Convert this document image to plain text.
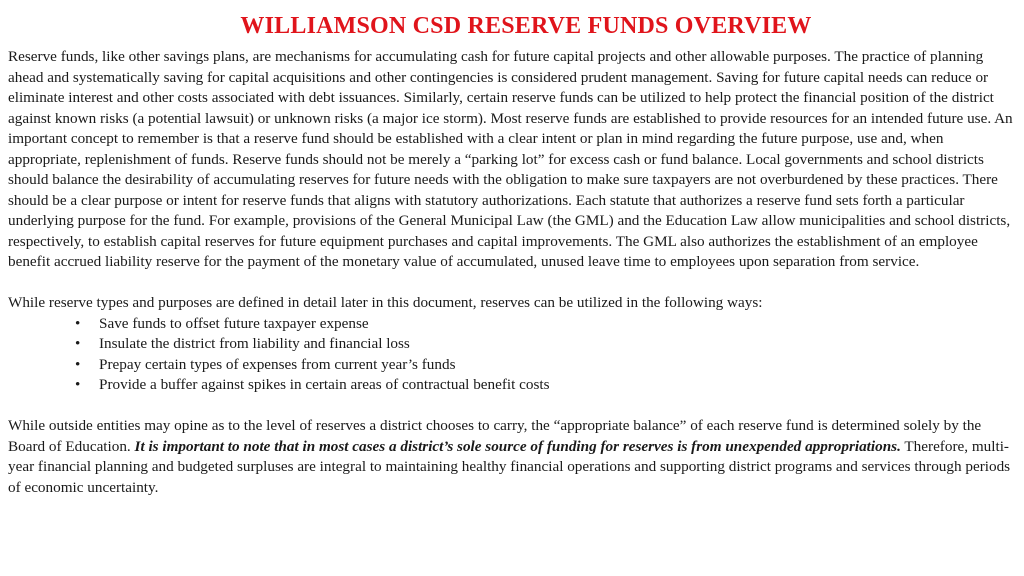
WILLIAMSON CSD RESERVE FUNDS OVERVIEW

Reserve funds, like other savings plans, are mechanisms for accumulating cash for future capital projects and other allowable purposes. The practice of planning ahead and systematically saving for capital acquisitions and other contingencies is considered prudent management. Saving for future capital needs can reduce or eliminate interest and other costs associated with debt issuances. Similarly, certain reserve funds can be utilized to help protect the financial position of the district against known risks (a potential lawsuit) or unknown risks (a major ice storm). Most reserve funds are established to provide resources for an intended future use. An important concept to remember is that a reserve fund should be established with a clear intent or plan in mind regarding the future purpose, use and, when appropriate, replenishment of funds. Reserve funds should not be merely a “parking lot” for excess cash or fund balance. Local governments and school districts should balance the desirability of accumulating reserves for future needs with the obligation to make sure taxpayers are not overburdened by these practices. There should be a clear purpose or intent for reserve funds that aligns with statutory authorizations. Each statute that authorizes a reserve fund sets forth a particular underlying purpose for the fund. For example, provisions of the General Municipal Law (the GML) and the Education Law allow municipalities and school districts, respectively, to establish capital reserves for future equipment purchases and capital improvements. The GML also authorizes the establishment of an employee benefit accrued liability reserve for the payment of the monetary value of accumulated, unused leave time to employees upon separation from service.

While reserve types and purposes are defined in detail later in this document, reserves can be utilized in the following ways:

• Save funds to offset future taxpayer expense
• Insulate the district from liability and financial loss
• Prepay certain types of expenses from current year’s funds
• Provide a buffer against spikes in certain areas of contractual benefit costs

While outside entities may opine as to the level of reserves a district chooses to carry, the “appropriate balance” of each reserve fund is determined solely by the Board of Education. It is important to note that in most cases a district’s sole source of funding for reserves is from unexpended appropriations. Therefore, multi-year financial planning and budgeted surpluses are integral to maintaining healthy financial operations and supporting district programs and services through periods of economic uncertainty.
